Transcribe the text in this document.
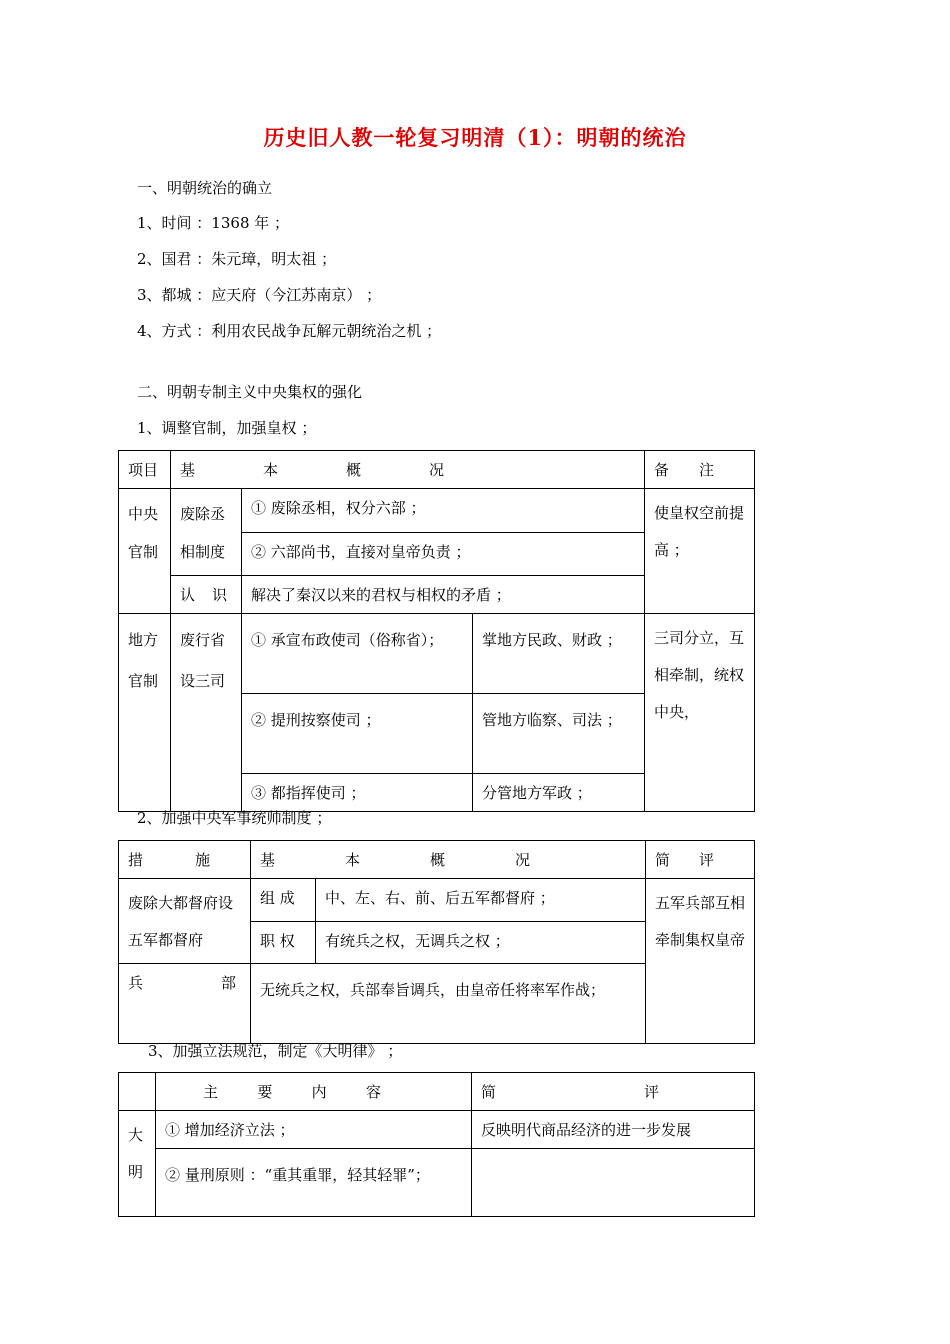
历史旧人教一轮复习明清（1）：明朝的统治
一、明朝统治的确立
1、时间 ：1368 年 ；
2、国君 ：朱元璋，明太祖 ；
3、都城 ：应天府（今江苏南京） ；
4、方式 ：利用农民战争瓦解元朝统治之机 ；
二、明朝专制主义中央集权的强化
1、调整官制，加强皇权 ；
项目	基 本 概 况			备 注

中央官制	废除丞相制度	① 废除丞相，权分六部 ；		使皇权空前提高 ；
		② 六部尚书，直接对皇帝负责 ；		

	认 识	解决了秦汉以来的君权与相权的矛盾 ；		
地方官制	废行省设三司	① 承宣布政使司（俗称省）；	掌地方民政、财政 ；	三司分立，互相牵制，统权中央，
		② 提刑按察使司 ；	管地方临察、司法 ；	
		③ 都指挥使司 ；	分管地方军政 ；	
2、加强中央军事统帅制度 ；
措 施	基 本 概 况		简 评

废除大都督府设五军都督府	组 成	中、左、右、前、后五军都督府 ；	五军兵部互相牵制集权皇帝
	职 权	有统兵之权，无调兵之权 ；	

兵 部	无统兵之权，兵部奉旨调兵，由皇帝任将率军作战；		
3、加强立法规范，制定《大明律》 ；

	主 要 内 容	简 评

大明	① 增加经济立法 ；	反映明代商品经济的进一步发展
	② 量刑原则 ：“重其重罪，轻其轻罪”；	
